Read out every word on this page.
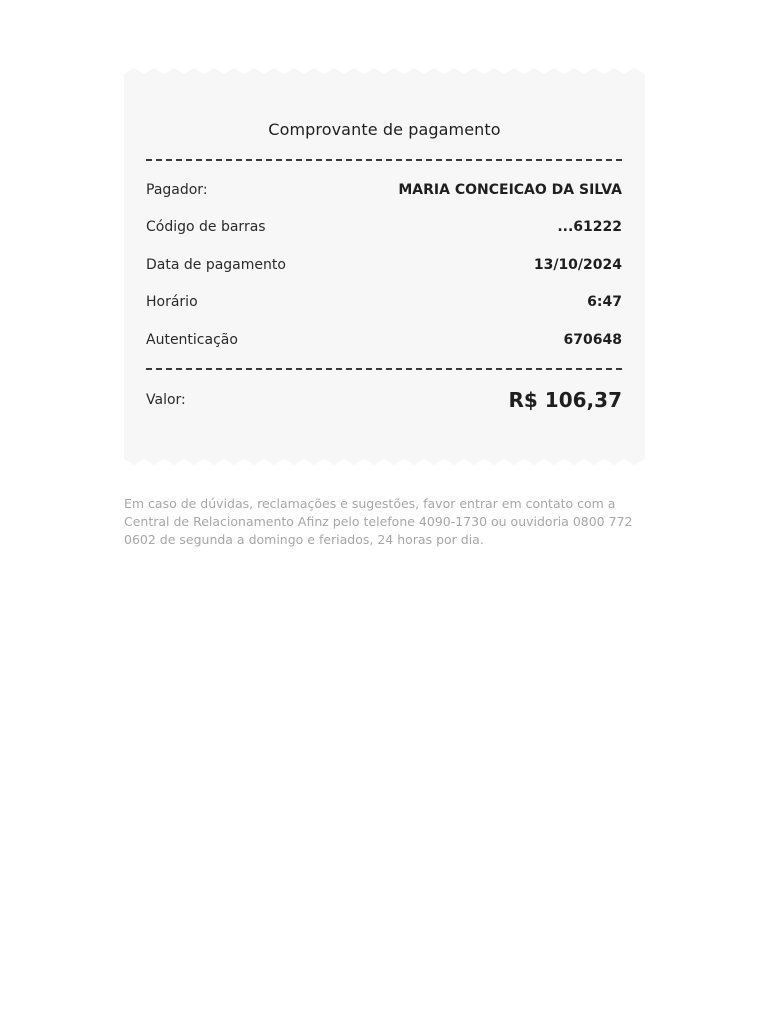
Comprovante de pagamento
Pagador:	MARIA CONCEICAO DA SILVA
Código de barras	...61222
Data de pagamento	13/10/2024
Horário	6:47
Autenticação	670648
Valor:	R$ 106,37
Em caso de dúvidas, reclamações e sugestões, favor entrar em contato com a Central de Relacionamento Afinz pelo telefone 4090-1730 ou ouvidoria 0800 772 0602 de segunda a domingo e feriados, 24 horas por dia.
